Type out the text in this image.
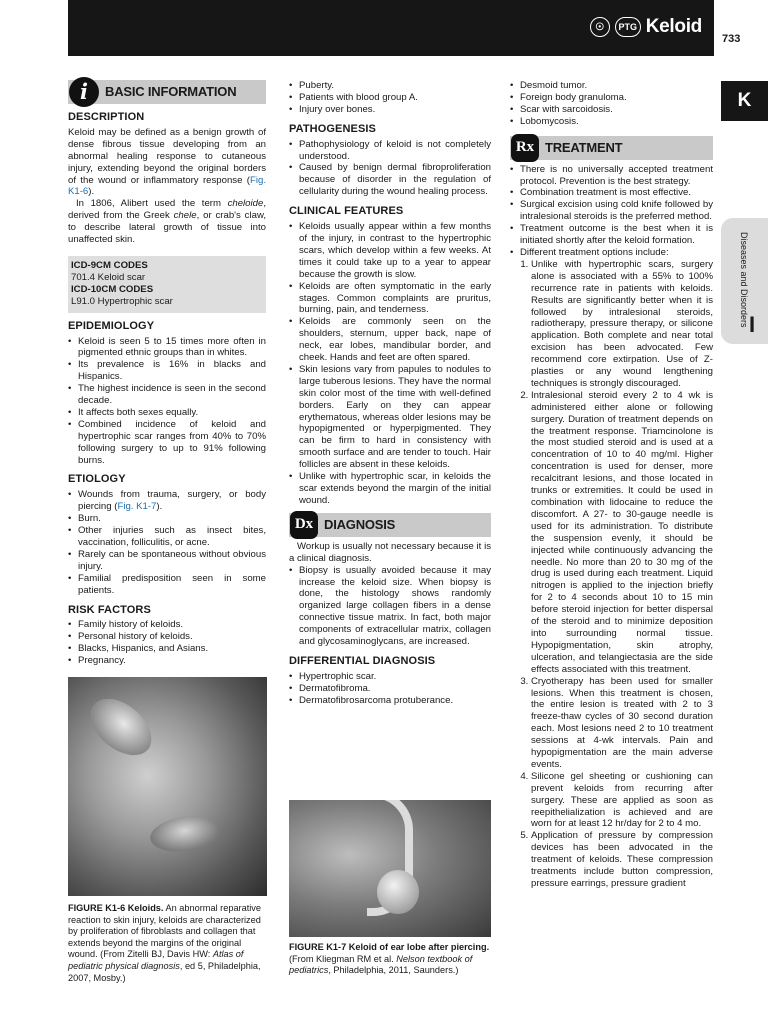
☉	PTG Keloid
733
K
Diseases and Disorders I
i	BASIC INFORMATION
DESCRIPTION

Keloid may be defined as a benign growth of dense fibrous tissue developing from an abnormal healing response to cutaneous injury, extending beyond the original borders of the wound or inflammatory response (Fig. K1-6).

In 1806, Alibert used the term cheloide, derived from the Greek chele, or crab's claw, to describe lateral growth of tissue into unaffected skin.

ICD-9CM CODES
701.4 Keloid scar
ICD-10CM CODES
L91.0 Hypertrophic scar
EPIDEMIOLOGY
• Keloid is seen 5 to 15 times more often in pigmented ethnic groups than in whites.
• Its prevalence is 16% in blacks and Hispanics.
• The highest incidence is seen in the second decade.
• It affects both sexes equally.
• Combined incidence of keloid and hypertrophic scar ranges from 40% to 70% following surgery to up to 91% following burns.
ETIOLOGY
• Wounds from trauma, surgery, or body piercing (Fig. K1-7).
• Burn.
• Other injuries such as insect bites, vaccination, folliculitis, or acne.
• Rarely can be spontaneous without obvious injury.
• Familial predisposition seen in some patients.
RISK FACTORS
• Family history of keloids.
• Personal history of keloids.
• Blacks, Hispanics, and Asians.
• Pregnancy.
FIGURE K1-6 Keloids. An abnormal reparative reaction to skin injury, keloids are characterized by proliferation of fibroblasts and collagen that extends beyond the margins of the original wound. (From Zitelli BJ, Davis HW: Atlas of pediatric physical diagnosis, ed 5, Philadelphia, 2007, Mosby.)
• Puberty.
• Patients with blood group A.
• Injury over bones.
PATHOGENESIS
• Pathophysiology of keloid is not completely understood.
• Caused by benign dermal fibroproliferation because of disorder in the regulation of cellularity during the wound healing process.
CLINICAL FEATURES
• Keloids usually appear within a few months of the injury, in contrast to the hypertrophic scars, which develop within a few weeks. At times it could take up to a year to appear because the growth is slow.
• Keloids are often symptomatic in the early stages. Common complaints are pruritus, burning, pain, and tenderness.
• Keloids are commonly seen on the shoulders, sternum, upper back, nape of neck, ear lobes, mandibular border, and cheek. Hands and feet are often spared.
• Skin lesions vary from papules to nodules to large tuberous lesions. They have the normal skin color most of the time with well-defined borders. Early on they can appear erythematous, whereas older lesions may be hypopigmented or hyperpigmented. They can be firm to hard in consistency with smooth surface and are tender to touch. Hair follicles are absent in these keloids.
• Unlike with hypertrophic scar, in keloids the scar extends beyond the margin of the initial wound.
Dx DIAGNOSIS

Workup is usually not necessary because it is a clinical diagnosis.

• Biopsy is usually avoided because it may increase the keloid size. When biopsy is done, the histology shows randomly organized large collagen fibers in a dense connective tissue matrix. In fact, both major components of extracellular matrix, collagen and glycosaminoglycans, are increased.
DIFFERENTIAL DIAGNOSIS
• Hypertrophic scar.
• Dermatofibroma.
• Dermatofibrosarcoma protuberance.
FIGURE K1-7 Keloid of ear lobe after piercing. (From Kliegman RM et al. Nelson textbook of pediatrics, Philadelphia, 2011, Saunders.)
• Desmoid tumor.
• Foreign body granuloma.
• Scar with sarcoidosis.
• Lobomycosis.
Rx TREATMENT
• There is no universally accepted treatment protocol. Prevention is the best strategy.
• Combination treatment is most effective.
• Surgical excision using cold knife followed by intralesional steroids is the preferred method.
• Treatment outcome is the best when it is initiated shortly after the keloid formation.
• Different treatment options include:
1. Unlike with hypertrophic scars, surgery alone is associated with a 55% to 100% recurrence rate in patients with keloids. Results are significantly better when it is followed by intralesional steroids, radiotherapy, pressure therapy, or silicone application. Both complete and near total excision has been advocated. Few recommend core extirpation. Use of Z-plasties or any wound lengthening techniques is strongly discouraged.
2. Intralesional steroid every 2 to 4 wk is administered either alone or following surgery. Duration of treatment depends on the treatment response. Triamcinolone is the most studied steroid and is used at a concentration of 10 to 40 mg/ml. Higher concentration is used for denser, more recalcitrant lesions, and those located in trunks or extremities. It could be used in combination with lidocaine to reduce the discomfort. A 27- to 30-gauge needle is used for its administration. To distribute the suspension evenly, it should be injected while continuously advancing the needle. No more than 20 to 30 mg of the drug is used during each treatment. Liquid nitrogen is applied to the injection briefly for 2 to 4 seconds about 10 to 15 min before steroid injection for better dispersal of the steroid and to minimize deposition into surrounding normal tissue. Hypopigmentation, skin atrophy, ulceration, and telangiectasia are the side effects associated with this treatment.
3. Cryotherapy has been used for smaller lesions. When this treatment is chosen, the entire lesion is treated with 2 to 3 freeze-thaw cycles of 30 second duration each. Most lesions need 2 to 10 treatment sessions at 4-wk intervals. Pain and hypopigmentation are the main adverse events.
4. Silicone gel sheeting or cushioning can prevent keloids from recurring after surgery. These are applied as soon as reepithelialization is achieved and are worn for at least 12 hr/day for 2 to 4 mo.
5. Application of pressure by compression devices has been advocated in the treatment of keloids. These compression treatments include button compression, pressure earrings, pressure gradient
